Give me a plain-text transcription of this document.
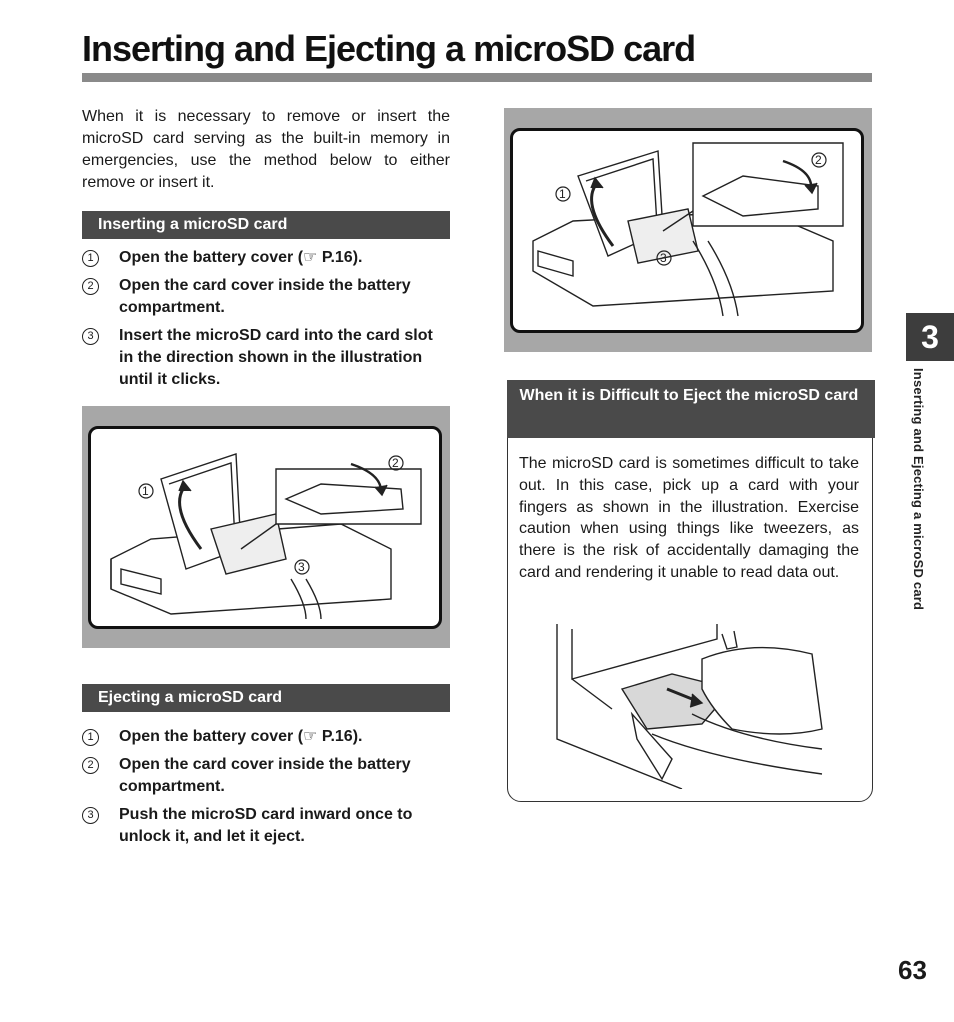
Inserting and Ejecting a microSD card

When it is necessary to remove or insert the microSD card serving as the built-in memory in emergencies, use the method below to either remove or insert it.

Inserting a microSD card
1	Open the battery cover (☞ P.16).
2	Open the card cover inside the battery compartment.
3	Insert the microSD card into the card slot in the direction shown in the illustration until it clicks.
1
2
3
Ejecting a microSD card
1	Open the battery cover (☞ P.16).
2	Open the card cover inside the battery compartment.
3	Push the microSD card inward once to unlock it, and let it eject.
1
2
3
When it is Difficult to Eject the microSD card

The microSD card is sometimes difficult to take out. In this case, pick up a card with your fingers as shown in the illustration. Exercise caution when using things like tweezers, as there is the risk of accidentally damaging the card and rendering it unable to read data out.

3
Inserting and Ejecting a microSD card
63
